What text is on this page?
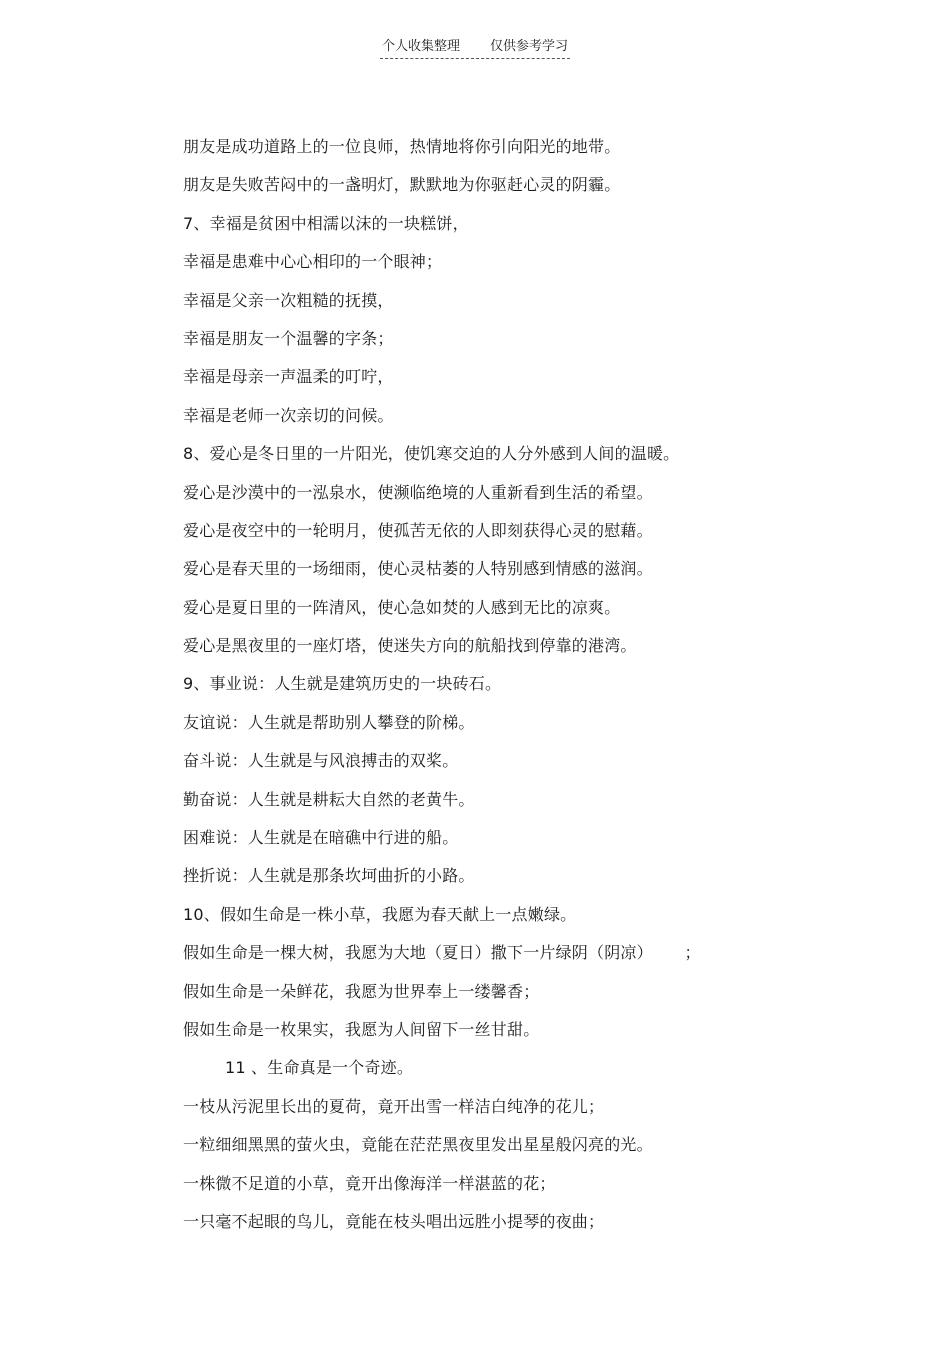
个人收集整理 仅供参考学习
朋友是成功道路上的一位良师，热情地将你引向阳光的地带。
朋友是失败苦闷中的一盏明灯，默默地为你驱赶心灵的阴霾。
7、幸福是贫困中相濡以沫的一块糕饼，
幸福是患难中心心相印的一个眼神；
幸福是父亲一次粗糙的抚摸，
幸福是朋友一个温馨的字条；
幸福是母亲一声温柔的叮咛，
幸福是老师一次亲切的问候。
8、爱心是冬日里的一片阳光，使饥寒交迫的人分外感到人间的温暖。
爱心是沙漠中的一泓泉水，使濒临绝境的人重新看到生活的希望。
爱心是夜空中的一轮明月，使孤苦无依的人即刻获得心灵的慰藉。
爱心是春天里的一场细雨，使心灵枯萎的人特别感到情感的滋润。
爱心是夏日里的一阵清风，使心急如焚的人感到无比的凉爽。
爱心是黑夜里的一座灯塔，使迷失方向的航船找到停靠的港湾。
9、事业说：人生就是建筑历史的一块砖石。
友谊说：人生就是帮助别人攀登的阶梯。
奋斗说：人生就是与风浪搏击的双桨。
勤奋说：人生就是耕耘大自然的老黄牛。
困难说：人生就是在暗礁中行进的船。
挫折说：人生就是那条坎坷曲折的小路。
10、假如生命是一株小草，我愿为春天献上一点嫩绿。
假如生命是一棵大树，我愿为大地（夏日）撒下一片绿阴（阴凉）      ；
假如生命是一朵鲜花，我愿为世界奉上一缕馨香；
假如生命是一枚果实，我愿为人间留下一丝甘甜。
11 、生命真是一个奇迹。
一枝从污泥里长出的夏荷，竟开出雪一样洁白纯净的花儿；
一粒细细黑黑的萤火虫，竟能在茫茫黑夜里发出星星般闪亮的光。
一株微不足道的小草，竟开出像海洋一样湛蓝的花；
一只毫不起眼的鸟儿，竟能在枝头唱出远胜小提琴的夜曲；
